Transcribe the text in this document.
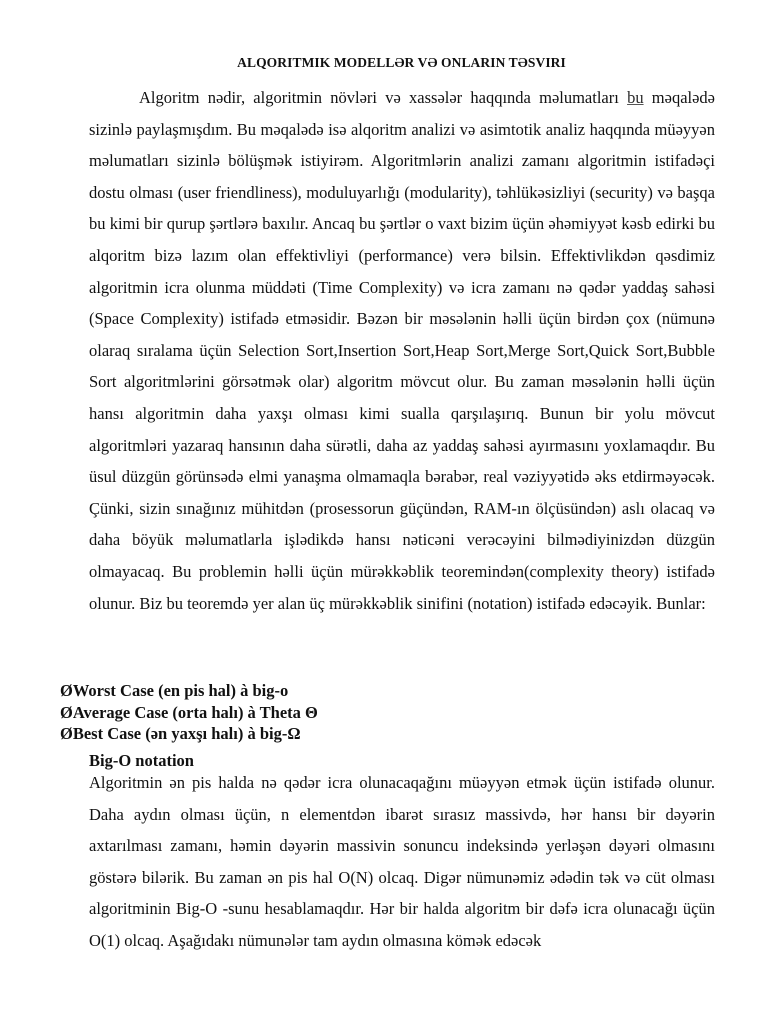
ALQORITMIK MODELLƏR VƏ ONLARIN TƏSVIRI

Algoritm nədir, algoritmin növləri və xassələr haqqında məlumatları bu məqalədə sizinlə paylaşmışdım. Bu məqalədə isə alqoritm analizi və asimtotik analiz haqqında müəyyən məlumatları sizinlə bölüşmək istiyirəm. Algoritmlərin analizi zamanı algoritmin istifadəçi dostu olması (user friendliness), moduluyarlığı (modularity), təhlükəsizliyi (security) və başqa bu kimi bir qurup şərtlərə baxılır. Ancaq bu şərtlər o vaxt bizim üçün əhəmiyyət kəsb edirki bu alqoritm bizə lazım olan effektivliyi (performance) verə bilsin. Effektivlikdən qəsdimiz algoritmin icra olunma müddəti (Time Complexity) və icra zamanı nə qədər yaddaş sahəsi (Space Complexity) istifadə etməsidir. Bəzən bir məsələnin həlli üçün birdən çox (nümunə olaraq sıralama üçün Selection Sort,Insertion Sort,Heap Sort,Merge Sort,Quick Sort,Bubble Sort algoritmlərini görsətmək olar) algoritm mövcut olur. Bu zaman məsələnin həlli üçün hansı algoritmin daha yaxşı olması kimi sualla qarşılaşırıq. Bunun bir yolu mövcut algoritmləri yazaraq hansının daha sürətli, daha az yaddaş sahəsi ayırmasını yoxlamaqdır. Bu üsul düzgün görünsədə elmi yanaşma olmamaqla bərabər, real vəziyyətidə əks etdirməyəcək. Çünki, sizin sınağınız mühitdən (prosessorun güçündən, RAM-ın ölçüsündən) aslı olacaq və daha böyük məlumatlarla işlədikdə hansı nəticəni verəcəyini bilmədiyinizdən düzgün olmayacaq. Bu problemin həlli üçün mürəkkəblik teoremindən(complexity theory) istifadə olunur. Biz bu teoremdə yer alan üç mürəkkəblik sinifini (notation) istifadə edəcəyik. Bunlar:

ØWorst Case (en pis hal) à big-o
ØAverage Case (orta halı) à Theta Θ
ØBest Case (ən yaxşı halı) à big-Ω
Big-O notation

Algoritmin ən pis halda nə qədər icra olunacaqağını müəyyən etmək üçün istifadə olunur. Daha aydın olması üçün, n elementdən ibarət sırasız massivdə, hər hansı bir dəyərin axtarılması zamanı, həmin dəyərin massivin sonuncu indeksində yerləşən dəyəri olmasını göstərə bilərik. Bu zaman ən pis hal O(N) olcaq. Digər nümunəmiz ədədin tək və cüt olması algoritminin Big-O -sunu hesablamaqdır. Hər bir halda algoritm bir dəfə icra olunacağı üçün O(1) olcaq. Aşağıdakı nümunələr tam aydın olmasına kömək edəcək
